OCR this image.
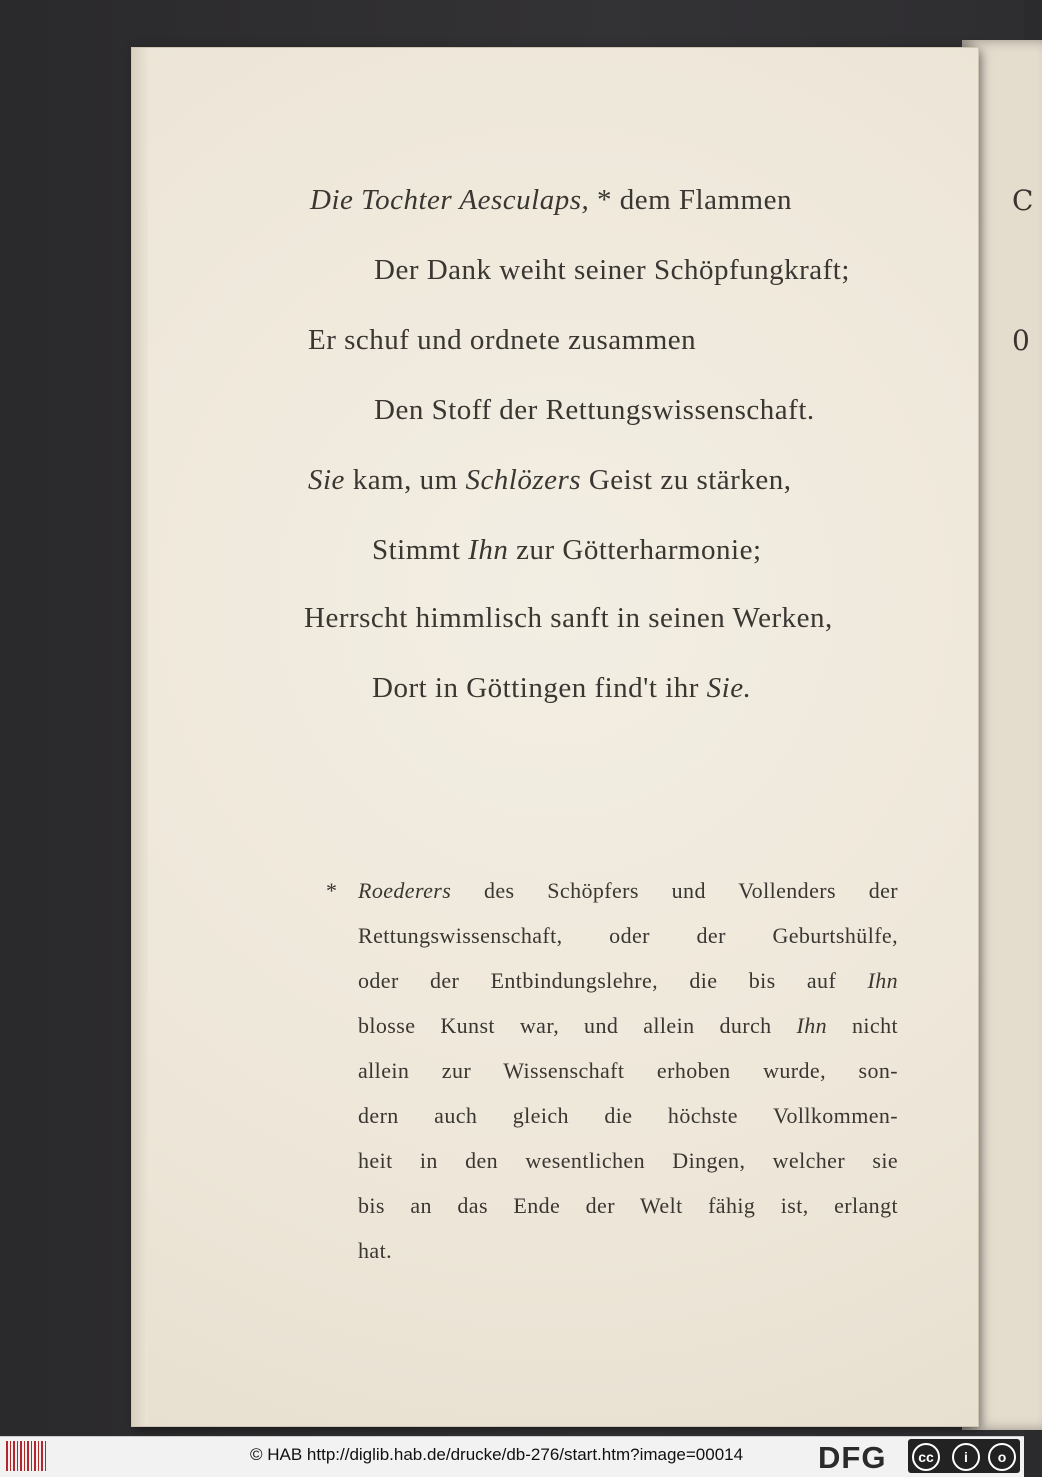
C
0
Die Tochter Aesculaps, * dem Flammen
Der Dank weiht seiner Schöpfungkraft;
Er schuf und ordnete zusammen
Den Stoff der Rettungswissenschaft.
Sie kam, um Schlözers Geist zu stärken,
Stimmt Ihn zur Götterharmonie;
Herrscht himmlisch sanft in seinen Werken,
Dort in Göttingen find't ihr Sie.
* Roederers des Schöpfers und Vollenders der
Rettungswissenschaft, oder der Geburtshülfe,
oder der Entbindungslehre, die bis auf Ihn
blosse Kunst war, und allein durch Ihn nicht
allein zur Wissenschaft erhoben wurde, son-
dern auch gleich die höchste Vollkommen-
heit in den wesentlichen Dingen, welcher sie
bis an das Ende der Welt fähig ist, erlangt
hat.
© HAB http://diglib.hab.de/drucke/db-276/start.htm?image=00014 DFG	cc	i	o
